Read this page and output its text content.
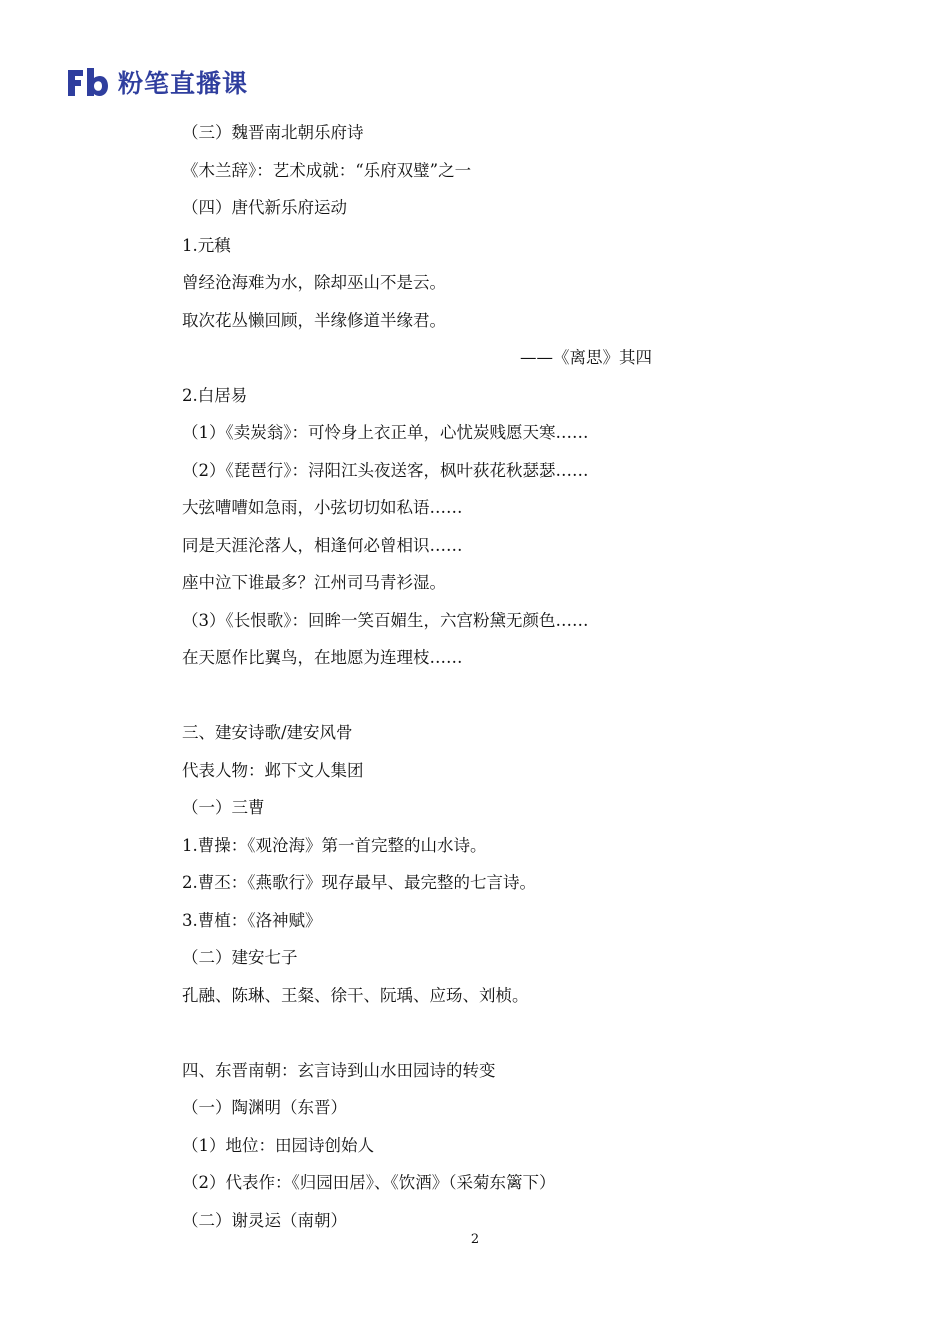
粉笔直播课
（三）魏晋南北朝乐府诗
《木兰辞》：艺术成就：“乐府双璧”之一
（四）唐代新乐府运动
1.元稹
曾经沧海难为水，除却巫山不是云。
取次花丛懒回顾，半缘修道半缘君。
——《离思》其四
2.白居易
（1）《卖炭翁》：可怜身上衣正单，心忧炭贱愿天寒……
（2）《琵琶行》：浔阳江头夜送客，枫叶荻花秋瑟瑟……
大弦嘈嘈如急雨，小弦切切如私语……
同是天涯沦落人，相逢何必曾相识……
座中泣下谁最多？江州司马青衫湿。
（3）《长恨歌》：回眸一笑百媚生，六宫粉黛无颜色……
在天愿作比翼鸟，在地愿为连理枝……
三、建安诗歌/建安风骨
代表人物：邺下文人集团
（一）三曹
1.曹操：《观沧海》第一首完整的山水诗。
2.曹丕：《燕歌行》现存最早、最完整的七言诗。
3.曹植：《洛神赋》
（二）建安七子
孔融、陈琳、王粲、徐干、阮瑀、应玚、刘桢。
四、东晋南朝：玄言诗到山水田园诗的转变
（一）陶渊明（东晋）
（1）地位：田园诗创始人
（2）代表作：《归园田居》、《饮酒》（采菊东篱下）
（二）谢灵运（南朝）
2
